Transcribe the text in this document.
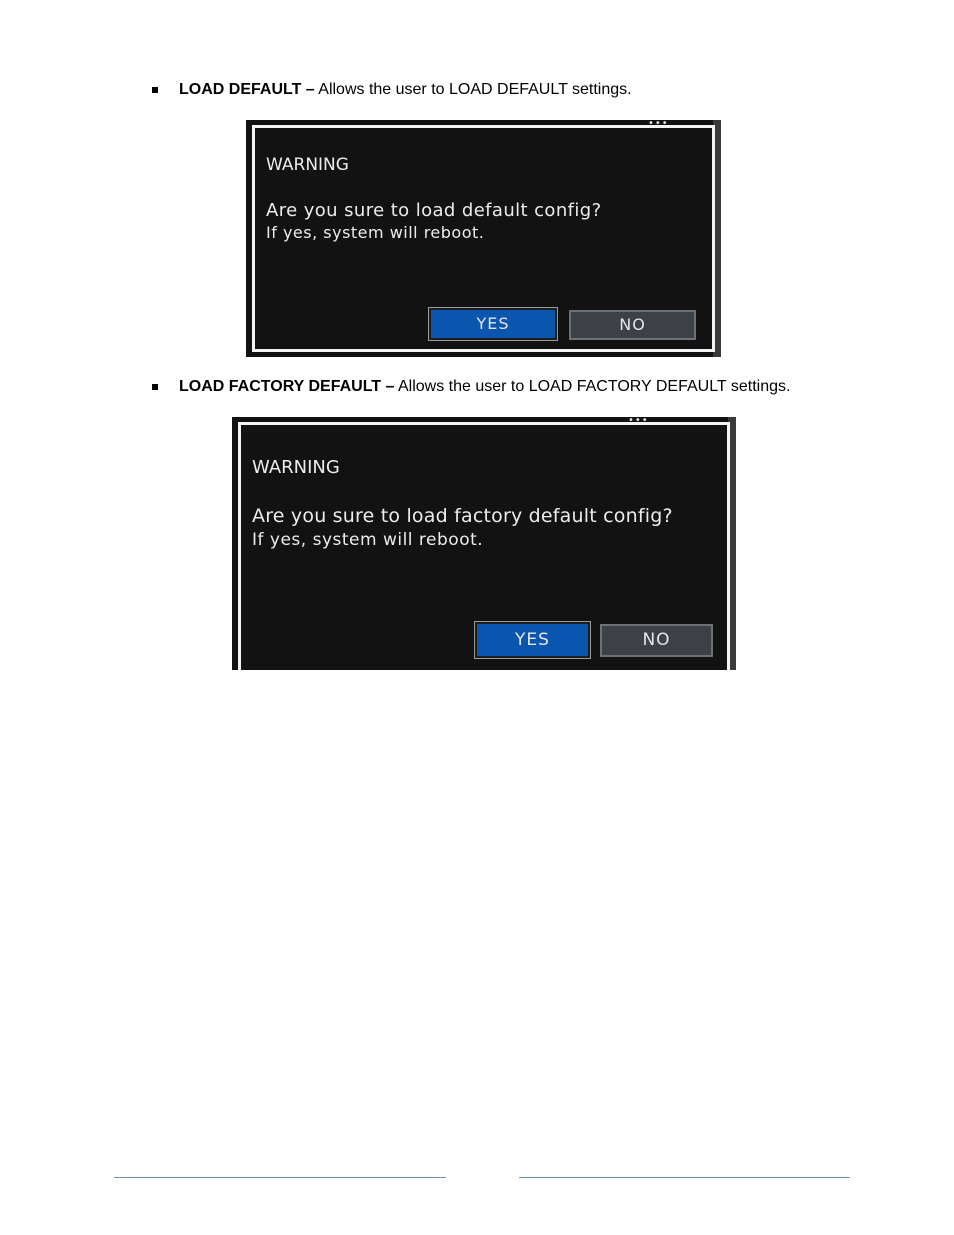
LOAD DEFAULT – Allows the user to LOAD DEFAULT settings.
•••
WARNING
Are you sure to load default config?
If yes, system will reboot.
YES	NO
LOAD FACTORY DEFAULT – Allows the user to LOAD FACTORY DEFAULT settings.
•••
WARNING
Are you sure to load factory default config?
If yes, system will reboot.
YES	NO
